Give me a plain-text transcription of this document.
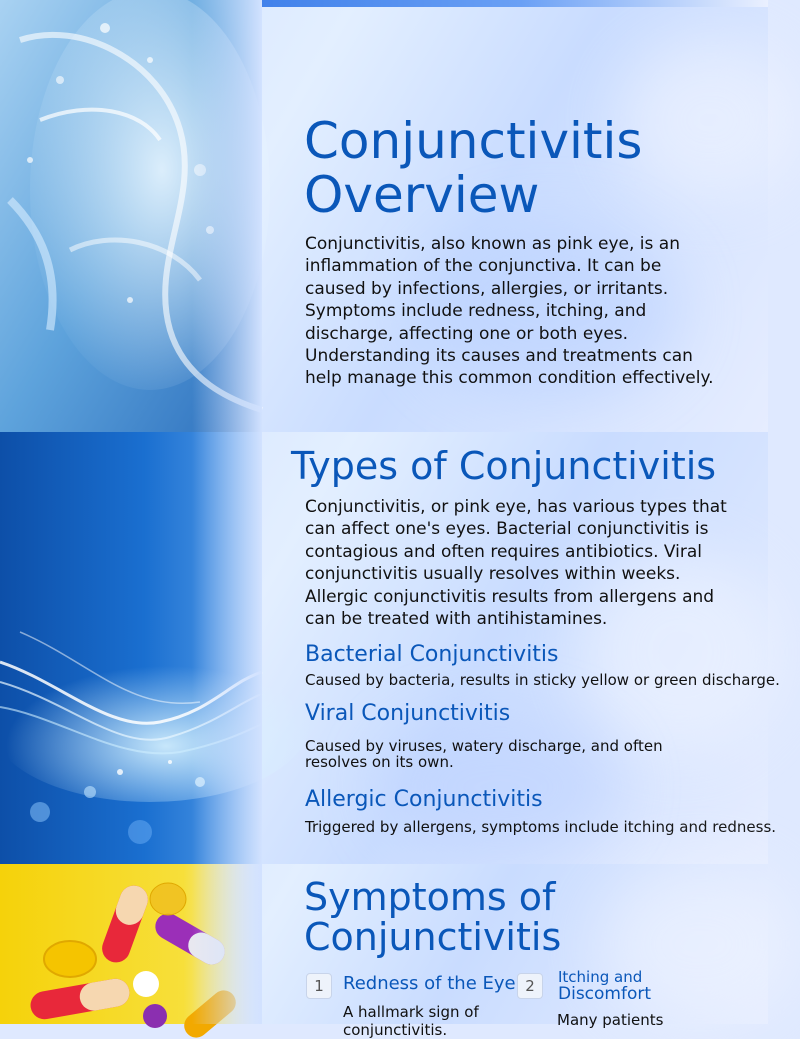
Conjunctivitis
Overview
Conjunctivitis, also known as pink eye, is an inflammation of the conjunctiva. It can be caused by infections, allergies, or irritants. Symptoms include redness, itching, and discharge, affecting one or both eyes. Understanding its causes and treatments can help manage this common condition effectively.
Types of Conjunctivitis
Conjunctivitis, or pink eye, has various types that can affect one's eyes. Bacterial conjunctivitis is contagious and often requires antibiotics. Viral conjunctivitis usually resolves within weeks. Allergic conjunctivitis results from allergens and can be treated with antihistamines.
Bacterial Conjunctivitis
Caused by bacteria, results in sticky yellow or green discharge.
Viral Conjunctivitis
Caused by viruses, watery discharge, and often
resolves on its own.
Allergic Conjunctivitis
Triggered by allergens, symptoms include itching and redness.
Symptoms of
Conjunctivitis
1	Redness of the Eye
A hallmark sign of
conjunctivitis.
2	Itching and
Discomfort
Many patients
